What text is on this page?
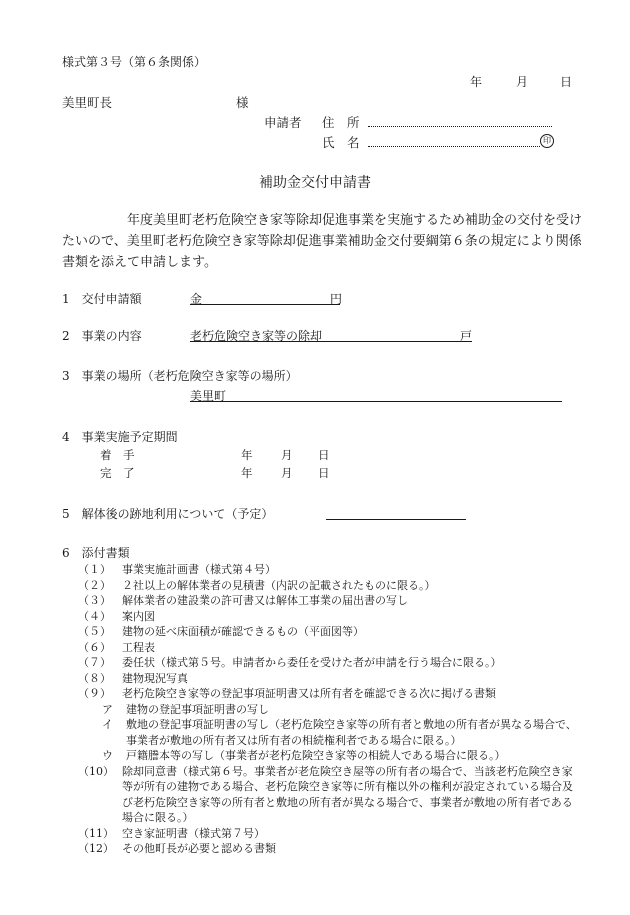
様式第３号（第６条関係）
年	月	日
美里町長	様
申請者 住　所
氏　名	印
補助金交付申請書
　　　　　年度美里町老朽危険空き家等除却促進事業を実施するため補助金の交付を受けたいので、美里町老朽危険空き家等除却促進事業補助金交付要綱第６条の規定により関係書類を添えて申請します。
1　交付申請額	金	円
2　事業の内容	老朽危険空き家等の除却	戸
3　事業の場所（老朽危険空き家等の場所）
美里町
4　事業実施予定期間
着　手	年 月 日
完　了	年 月 日
5　解体後の跡地利用について（予定）
6　添付書類
（１）	事業実施計画書（様式第４号）
（２）	２社以上の解体業者の見積書（内訳の記載されたものに限る。）
（３）	解体業者の建設業の許可書又は解体工事業の届出書の写し
（４）	案内図
（５）	建物の延べ床面積が確認できるもの（平面図等）
（６）	工程表
（７）	委任状（様式第５号。申請者から委任を受けた者が申請を行う場合に限る。）
（８）	建物現況写真
（９）	老朽危険空き家等の登記事項証明書又は所有者を確認できる次に掲げる書類
ア	建物の登記事項証明書の写し
イ	敷地の登記事項証明書の写し（老朽危険空き家等の所有者と敷地の所有者が異なる場合で、事業者が敷地の所有者又は所有者の相続権利者である場合に限る。）
ウ	戸籍謄本等の写し（事業者が老朽危険空き家等の相続人である場合に限る。）
（10） 除却同意書（様式第６号。事業者が老危険空き屋等の所有者の場合で、当該老朽危険空き家等が所有の建物である場合、老朽危険空き家等に所有権以外の権利が設定されている場合及び老朽危険空き家等の所有者と敷地の所有者が異なる場合で、事業者が敷地の所有者である場合に限る。）
（11） 空き家証明書（様式第７号）
（12） その他町長が必要と認める書類
